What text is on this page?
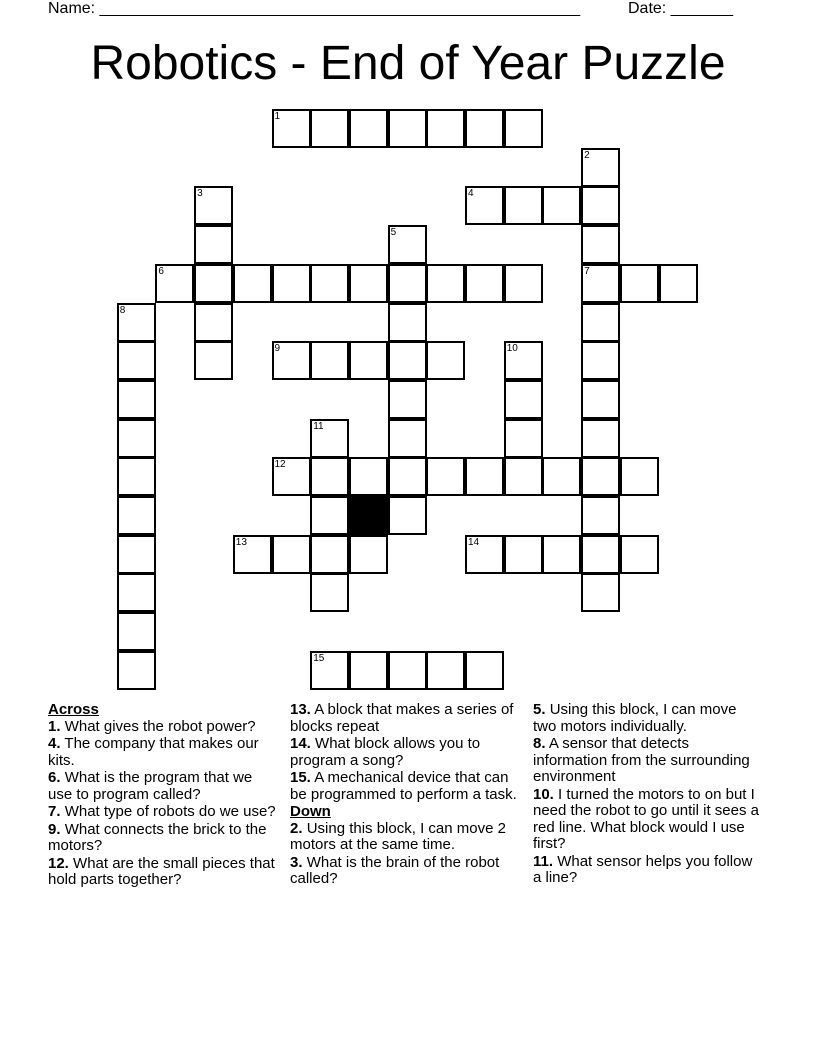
Name: ______________________________________________________	Date: _______
Robotics - End of Year Puzzle
1
2
3	4
5
6	7
8
9	10
11
12
13	14
15
Across
1. What gives the robot power?
4. The company that makes our kits.
6. What is the program that we use to program called?
7. What type of robots do we use?
9. What connects the brick to the motors?
12. What are the small pieces that hold parts together?
13. A block that makes a series of blocks repeat
14. What block allows you to program a song?
15. A mechanical device that can be programmed to perform a task.
Down
2. Using this block, I can move 2 motors at the same time.
3. What is the brain of the robot called?
5. Using this block, I can move two motors individually.
8. A sensor that detects information from the surrounding environment
10. I turned the motors to on but I need the robot to go until it sees a red line. What block would I use first?
11. What sensor helps you follow a line?
